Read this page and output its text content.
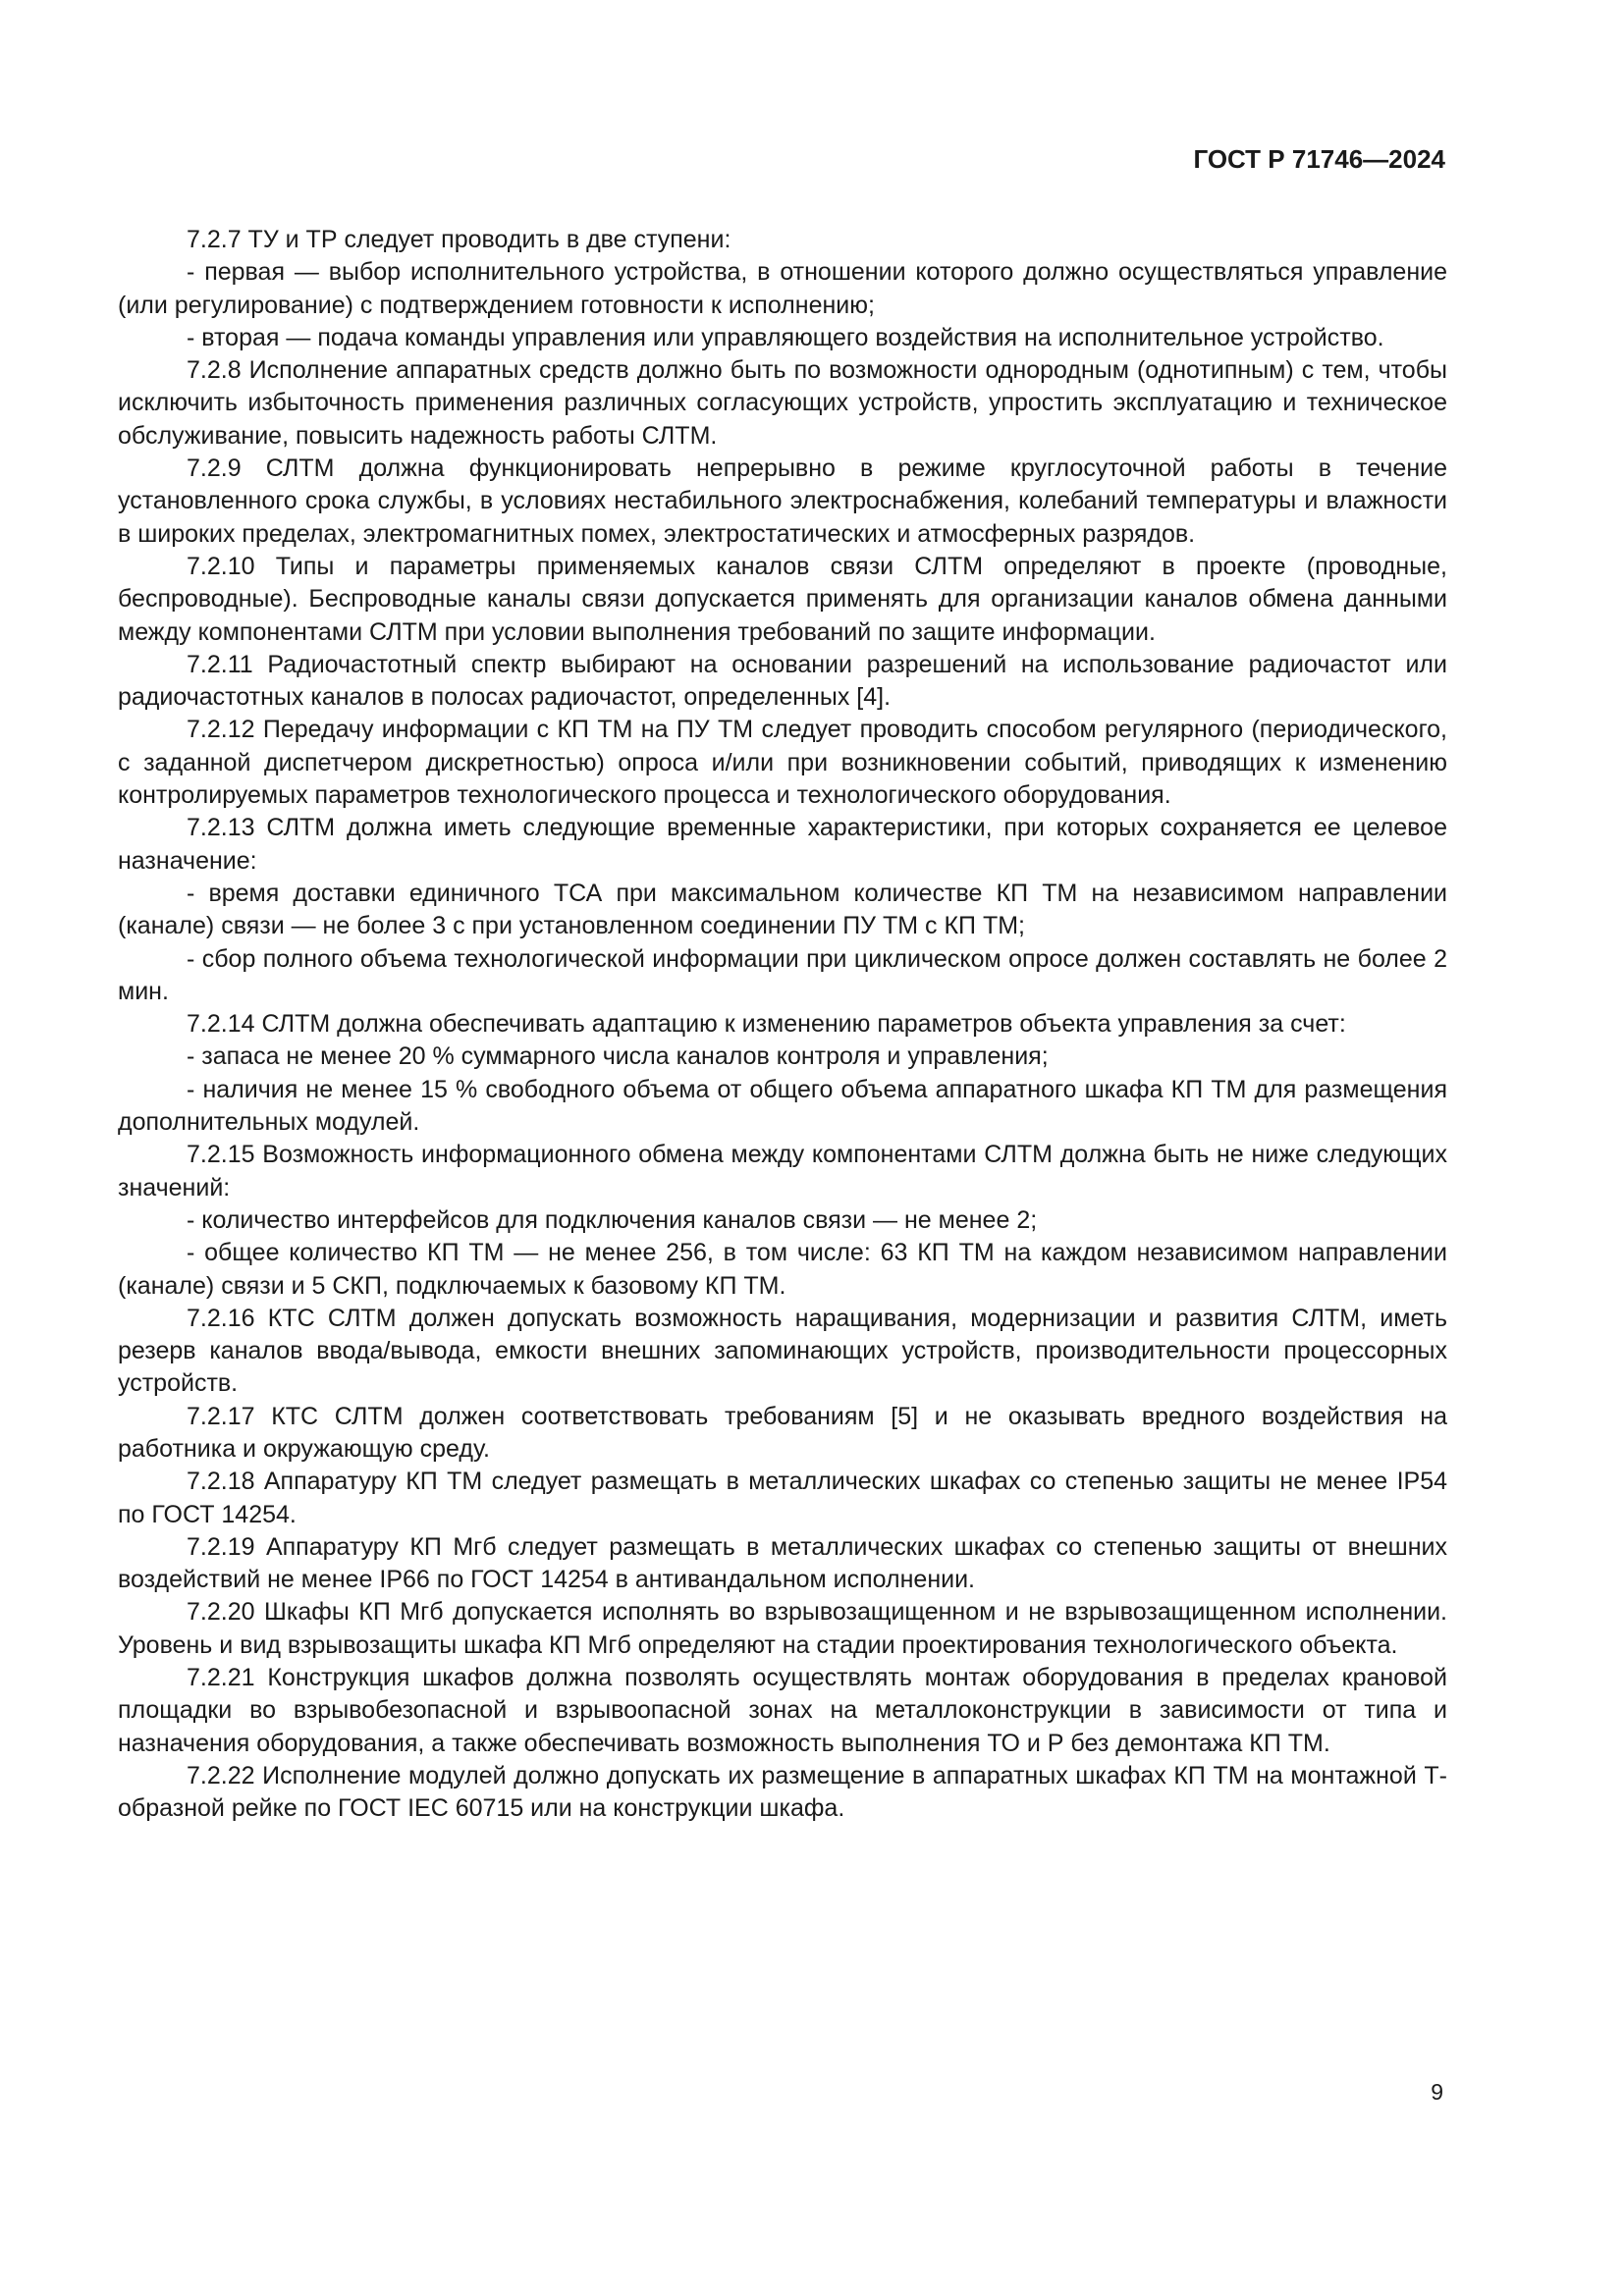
ГОСТ Р 71746—2024

7.2.7 ТУ и ТР следует проводить в две ступени:

- первая — выбор исполнительного устройства, в отношении которого должно осуществляться управление (или регулирование) с подтверждением готовности к исполнению;

- вторая — подача команды управления или управляющего воздействия на исполнительное устройство.

7.2.8 Исполнение аппаратных средств должно быть по возможности однородным (однотипным) с тем, чтобы исключить избыточность применения различных согласующих устройств, упростить эксплуатацию и техническое обслуживание, повысить надежность работы СЛТМ.

7.2.9 СЛТМ должна функционировать непрерывно в режиме круглосуточной работы в течение установленного срока службы, в условиях нестабильного электроснабжения, колебаний температуры и влажности в широких пределах, электромагнитных помех, электростатических и атмосферных разрядов.

7.2.10 Типы и параметры применяемых каналов связи СЛТМ определяют в проекте (проводные, беспроводные). Беспроводные каналы связи допускается применять для организации каналов обмена данными между компонентами СЛТМ при условии выполнения требований по защите информации.

7.2.11 Радиочастотный спектр выбирают на основании разрешений на использование радиочастот или радиочастотных каналов в полосах радиочастот, определенных [4].

7.2.12 Передачу информации с КП ТМ на ПУ ТМ следует проводить способом регулярного (периодического, с заданной диспетчером дискретностью) опроса и/или при возникновении событий, приводящих к изменению контролируемых параметров технологического процесса и технологического оборудования.

7.2.13 СЛТМ должна иметь следующие временные характеристики, при которых сохраняется ее целевое назначение:

- время доставки единичного ТСА при максимальном количестве КП ТМ на независимом направлении (канале) связи — не более 3 с при установленном соединении ПУ ТМ с КП ТМ;

- сбор полного объема технологической информации при циклическом опросе должен составлять не более 2 мин.

7.2.14 СЛТМ должна обеспечивать адаптацию к изменению параметров объекта управления за счет:

- запаса не менее 20 % суммарного числа каналов контроля и управления;

- наличия не менее 15 % свободного объема от общего объема аппаратного шкафа КП ТМ для размещения дополнительных модулей.

7.2.15 Возможность информационного обмена между компонентами СЛТМ должна быть не ниже следующих значений:

- количество интерфейсов для подключения каналов связи — не менее 2;

- общее количество КП ТМ — не менее 256, в том числе: 63 КП ТМ на каждом независимом направлении (канале) связи и 5 СКП, подключаемых к базовому КП ТМ.

7.2.16 КТС СЛТМ должен допускать возможность наращивания, модернизации и развития СЛТМ, иметь резерв каналов ввода/вывода, емкости внешних запоминающих устройств, производительности процессорных устройств.

7.2.17 КТС СЛТМ должен соответствовать требованиям [5] и не оказывать вредного воздействия на работника и окружающую среду.

7.2.18 Аппаратуру КП ТМ следует размещать в металлических шкафах со степенью защиты не менее IP54 по ГОСТ 14254.

7.2.19 Аппаратуру КП Мгб следует размещать в металлических шкафах со степенью защиты от внешних воздействий не менее IP66 по ГОСТ 14254 в антивандальном исполнении.

7.2.20 Шкафы КП Мгб допускается исполнять во взрывозащищенном и не взрывозащищенном исполнении. Уровень и вид взрывозащиты шкафа КП Мгб определяют на стадии проектирования технологического объекта.

7.2.21 Конструкция шкафов должна позволять осуществлять монтаж оборудования в пределах крановой площадки во взрывобезопасной и взрывоопасной зонах на металлоконструкции в зависимости от типа и назначения оборудования, а также обеспечивать возможность выполнения ТО и Р без демонтажа КП ТМ.

7.2.22 Исполнение модулей должно допускать их размещение в аппаратных шкафах КП ТМ на монтажной Т-образной рейке по ГОСТ IEC 60715 или на конструкции шкафа.

9
